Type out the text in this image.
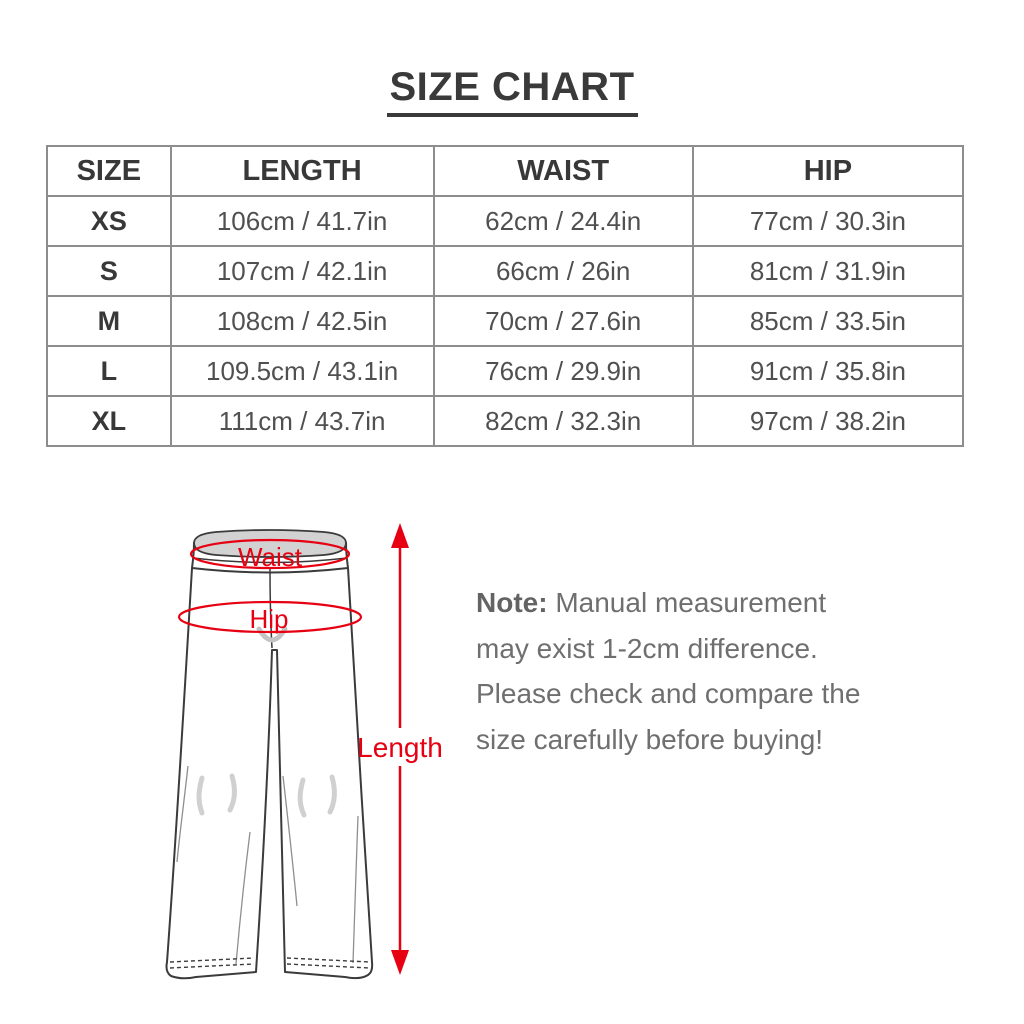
SIZE CHART
SIZE	LENGTH	WAIST	HIP
XS	106cm / 41.7in	62cm / 24.4in	77cm / 30.3in
S	107cm / 42.1in	66cm / 26in	81cm / 31.9in
M	108cm / 42.5in	70cm / 27.6in	85cm / 33.5in
L	109.5cm / 43.1in	76cm / 29.9in	91cm / 35.8in
XL	111cm / 43.7in	82cm / 32.3in	97cm / 38.2in
Waist
Hip
Length

Note: Manual measurement may exist 1-2cm difference. Please check and compare the size carefully before buying!
